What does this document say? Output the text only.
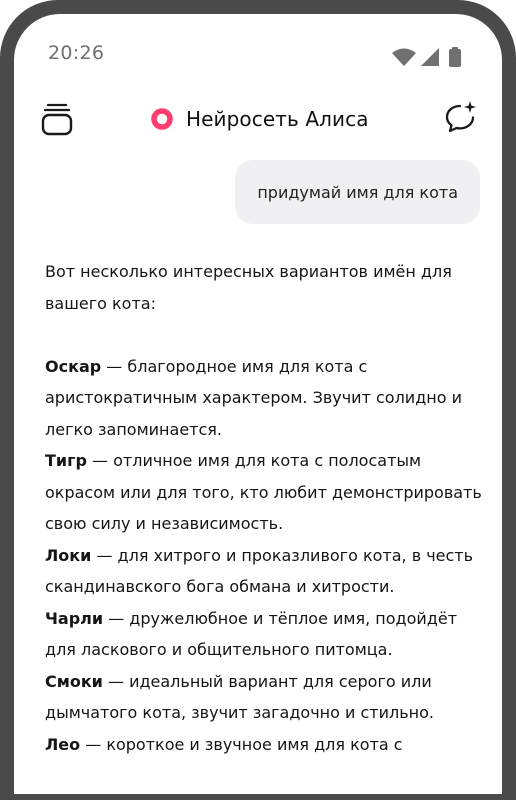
20:26
Нейросеть Алиса
придумай имя для кота

Вот несколько интересных вариантов имён для вашего кота:

Оскар — благородное имя для кота с аристократичным характером. Звучит солидно и легко запоминается.

Тигр — отличное имя для кота с полосатым окрасом или для того, кто любит демонстрировать свою силу и независимость.

Локи — для хитрого и проказливого кота, в честь скандинавского бога обмана и хитрости.

Чарли — дружелюбное и тёплое имя, подойдёт для ласкового и общительного питомца.

Смоки — идеальный вариант для серого или дымчатого кота, звучит загадочно и стильно.

Лео — короткое и звучное имя для кота с
